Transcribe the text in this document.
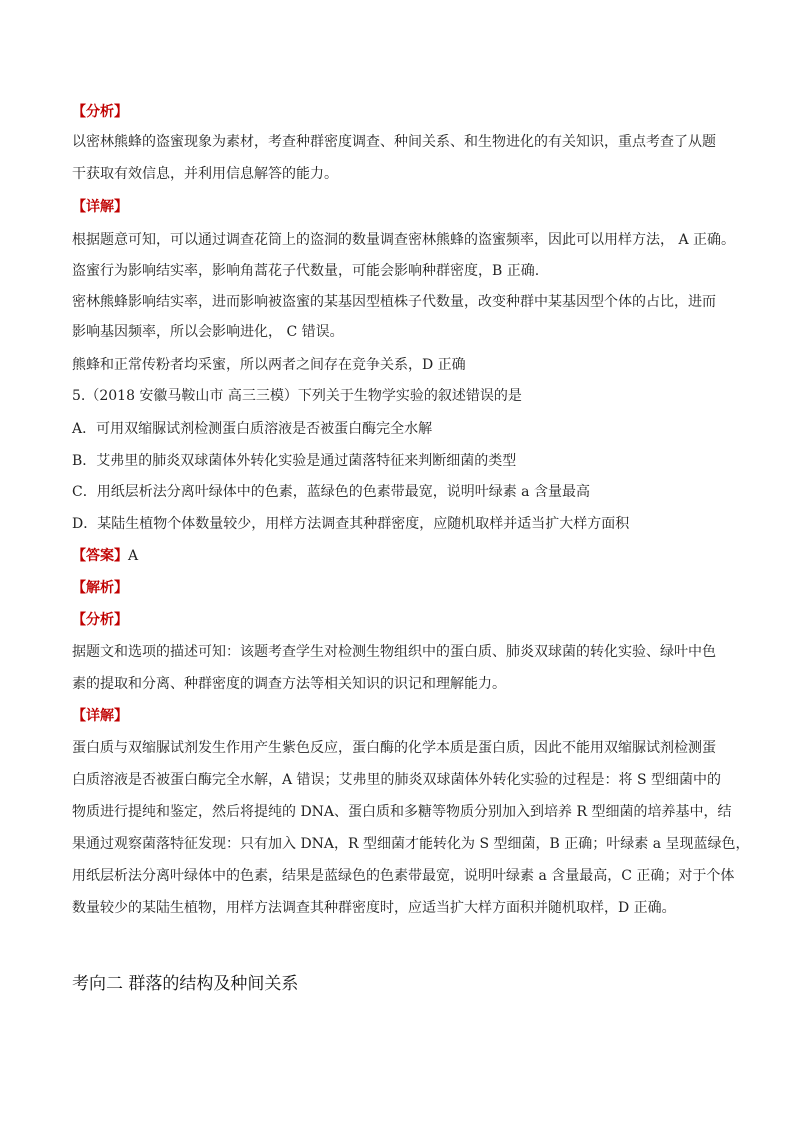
【分析】
以密林熊蜂的盗蜜现象为素材，考查种群密度调查、种间关系、和生物进化的有关知识，重点考查了从题
干获取有效信息，并利用信息解答的能力。
【详解】
根据题意可知，可以通过调查花筒上的盗洞的数量调查密林熊蜂的盗蜜频率，因此可以用样方法， A 正确。
盗蜜行为影响结实率，影响角蒿花子代数量，可能会影响种群密度，B 正确.
密林熊蜂影响结实率，进而影响被盗蜜的某基因型植株子代数量，改变种群中某基因型个体的占比，进而
影响基因频率，所以会影响进化， C 错误。
熊蜂和正常传粉者均采蜜，所以两者之间存在竞争关系，D 正确
5.（2018 安徽马鞍山市 高三三模）下列关于生物学实验的叙述错误的是
A．可用双缩脲试剂检测蛋白质溶液是否被蛋白酶完全水解
B．艾弗里的肺炎双球菌体外转化实验是通过菌落特征来判断细菌的类型
C．用纸层析法分离叶绿体中的色素，蓝绿色的色素带最宽，说明叶绿素 a 含量最高
D．某陆生植物个体数量较少，用样方法调查其种群密度，应随机取样并适当扩大样方面积
【答案】A
【解析】
【分析】
据题文和选项的描述可知：该题考查学生对检测生物组织中的蛋白质、肺炎双球菌的转化实验、绿叶中色
素的提取和分离、种群密度的调查方法等相关知识的识记和理解能力。
【详解】
蛋白质与双缩脲试剂发生作用产生紫色反应，蛋白酶的化学本质是蛋白质，因此不能用双缩脲试剂检测蛋
白质溶液是否被蛋白酶完全水解，A 错误；艾弗里的肺炎双球菌体外转化实验的过程是：将 S 型细菌中的
物质进行提纯和鉴定，然后将提纯的 DNA、蛋白质和多糖等物质分别加入到培养 R 型细菌的培养基中，结
果通过观察菌落特征发现：只有加入 DNA，R 型细菌才能转化为 S 型细菌，B 正确；叶绿素 a 呈现蓝绿色，
用纸层析法分离叶绿体中的色素，结果是蓝绿色的色素带最宽，说明叶绿素 a 含量最高，C 正确；对于个体
数量较少的某陆生植物，用样方法调查其种群密度时，应适当扩大样方面积并随机取样，D 正确。
考向二 群落的结构及种间关系
